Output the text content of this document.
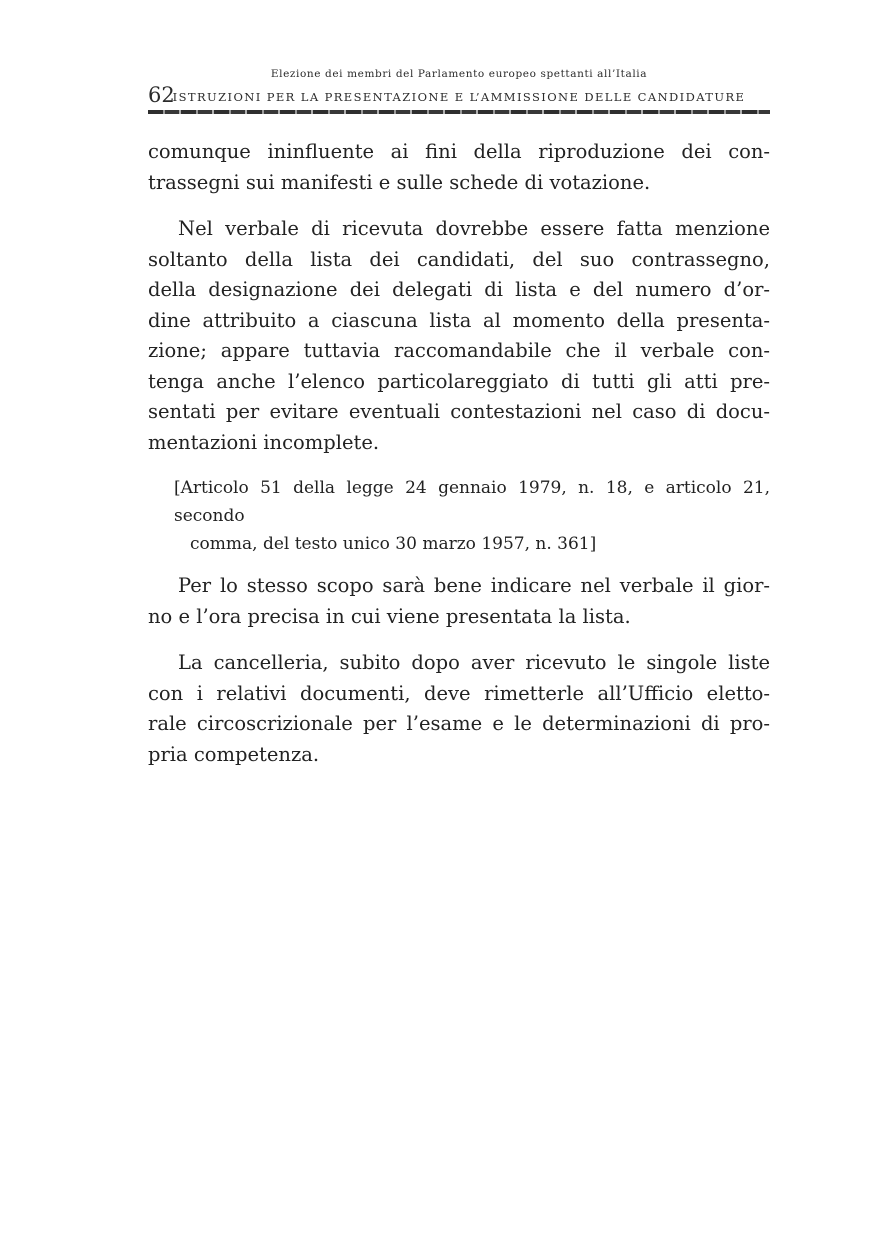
Elezione dei membri del Parlamento europeo spettanti all’Italia
62
ISTRUZIONI PER LA PRESENTAZIONE E L’AMMISSIONE DELLE CANDIDATURE
comunque ininfluente ai fini della riproduzione dei con-
trassegni sui manifesti e sulle schede di votazione.
Nel verbale di ricevuta dovrebbe essere fatta menzione
soltanto della lista dei candidati, del suo contrassegno,
della designazione dei delegati di lista e del numero d’or-
dine attribuito a ciascuna lista al momento della presenta-
zione; appare tuttavia raccomandabile che il verbale con-
tenga anche l’elenco particolareggiato di tutti gli atti pre-
sentati per evitare eventuali contestazioni nel caso di docu-
mentazioni incomplete.
[Articolo 51 della legge 24 gennaio 1979, n. 18, e articolo 21, secondo
comma, del testo unico 30 marzo 1957, n. 361]
Per lo stesso scopo sarà bene indicare nel verbale il gior-
no e l’ora precisa in cui viene presentata la lista.
La cancelleria, subito dopo aver ricevuto le singole liste
con i relativi documenti, deve rimetterle all’Ufficio eletto-
rale circoscrizionale per l’esame e le determinazioni di pro-
pria competenza.
